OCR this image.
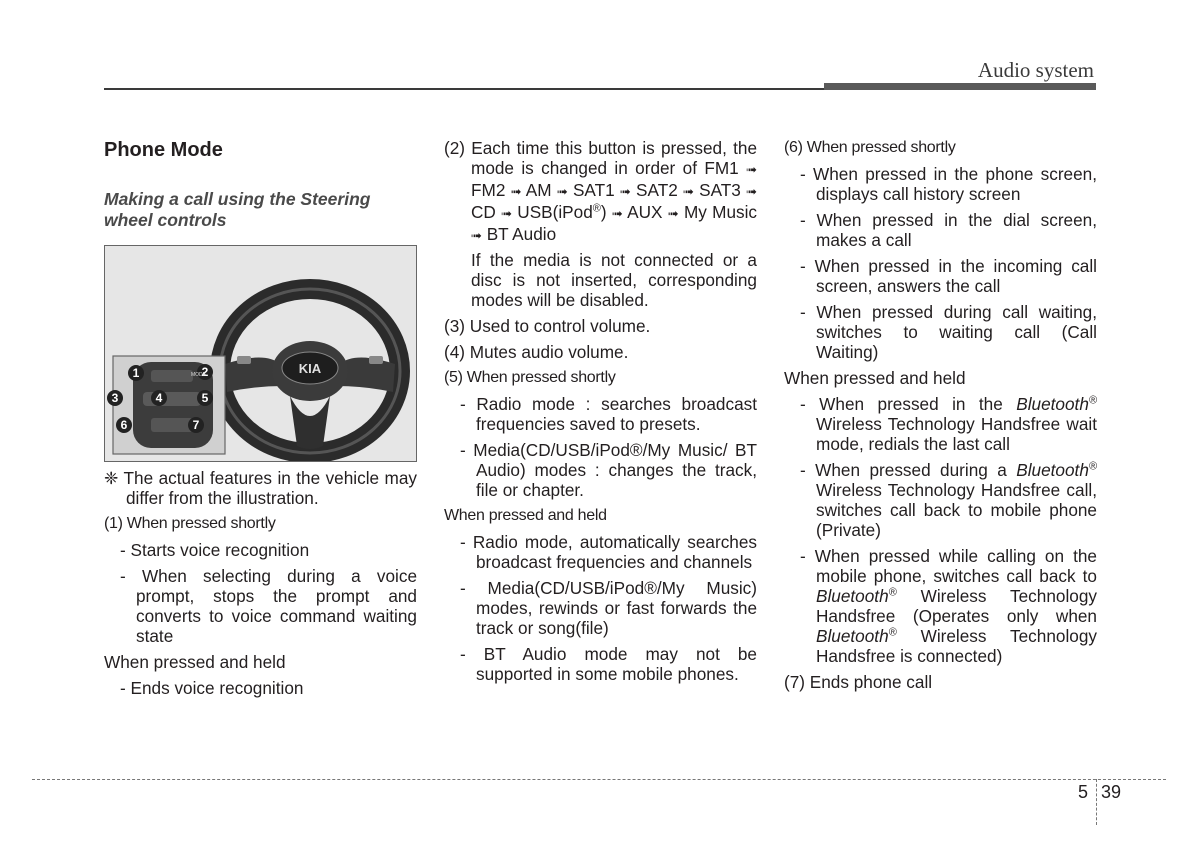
Audio system
Phone Mode
Making a call using the Steering wheel controls
1	2
3	4	5
6	7
MODE	KIA
❈ The actual features in the vehicle may differ from the illustration.
(1) When pressed shortly
- Starts voice recognition
- When selecting during a voice prompt, stops the prompt and converts to voice command waiting state
When pressed and held
- Ends voice recognition
(2) Each time this button is pressed, the mode is changed in order of FM1 ➟ FM2 ➟ AM ➟ SAT1 ➟ SAT2 ➟ SAT3 ➟ CD ➟ USB(iPod®) ➟ AUX ➟ My Music ➟ BT Audio
If the media is not connected or a disc is not inserted, corresponding modes will be disabled.
(3) Used to control volume.
(4) Mutes audio volume.
(5) When pressed shortly
- Radio mode : searches broadcast frequencies saved to presets.
- Media(CD/USB/iPod®/My Music/ BT Audio) modes : changes the track, file or chapter.
When pressed and held
- Radio mode, automatically searches broadcast frequencies and channels
- Media(CD/USB/iPod®/My Music) modes, rewinds or fast forwards the track or song(file)
- BT Audio mode may not be supported in some mobile phones.
(6) When pressed shortly
- When pressed in the phone screen, displays call history screen
- When pressed in the dial screen, makes a call
- When pressed in the incoming call screen, answers the call
- When pressed during call waiting, switches to waiting call (Call Waiting)
When pressed and held
- When pressed in the Bluetooth® Wireless Technology Handsfree wait mode, redials the last call
- When pressed during a Bluetooth® Wireless Technology Handsfree call, switches call back to mobile phone (Private)
- When pressed while calling on the mobile phone, switches call back to Bluetooth® Wireless Technology Handsfree (Operates only when Bluetooth® Wireless Technology Handsfree is connected)
(7) Ends phone call
5 39
